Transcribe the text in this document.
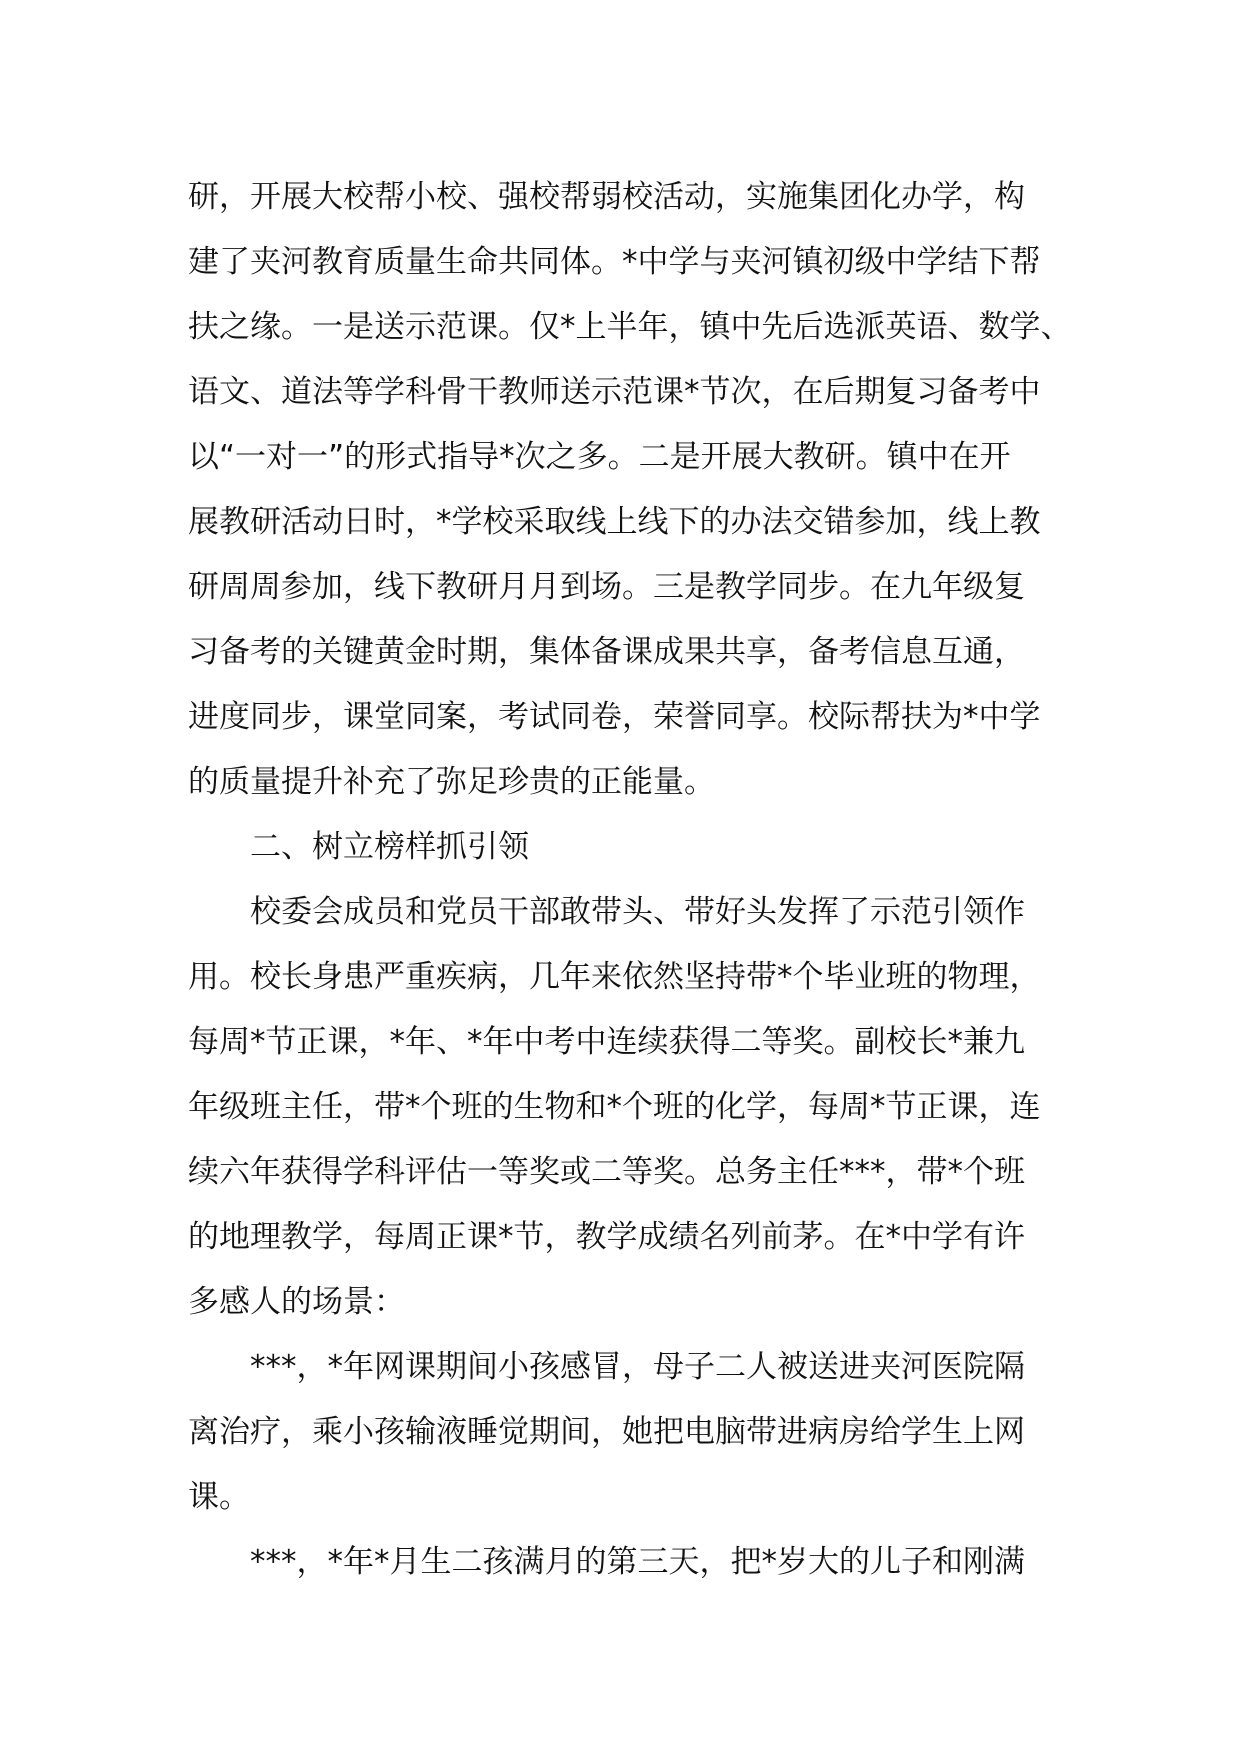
研，开展大校帮小校、强校帮弱校活动，实施集团化办学，构
建了夹河教育质量生命共同体。*中学与夹河镇初级中学结下帮
扶之缘。一是送示范课。仅*上半年，镇中先后选派英语、数学、
语文、道法等学科骨干教师送示范课*节次，在后期复习备考中
以“一对一”的形式指导*次之多。二是开展大教研。镇中在开
展教研活动日时，*学校采取线上线下的办法交错参加，线上教
研周周参加，线下教研月月到场。三是教学同步。在九年级复
习备考的关键黄金时期，集体备课成果共享，备考信息互通，
进度同步，课堂同案，考试同卷，荣誉同享。校际帮扶为*中学
的质量提升补充了弥足珍贵的正能量。
二、树立榜样抓引领
校委会成员和党员干部敢带头、带好头发挥了示范引领作
用。校长身患严重疾病，几年来依然坚持带*个毕业班的物理，
每周*节正课，*年、*年中考中连续获得二等奖。副校长*兼九
年级班主任，带*个班的生物和*个班的化学，每周*节正课，连
续六年获得学科评估一等奖或二等奖。总务主任***，带*个班
的地理教学，每周正课*节，教学成绩名列前茅。在*中学有许
多感人的场景：
***，*年网课期间小孩感冒，母子二人被送进夹河医院隔
离治疗，乘小孩输液睡觉期间，她把电脑带进病房给学生上网
课。
***，*年*月生二孩满月的第三天，把*岁大的儿子和刚满
